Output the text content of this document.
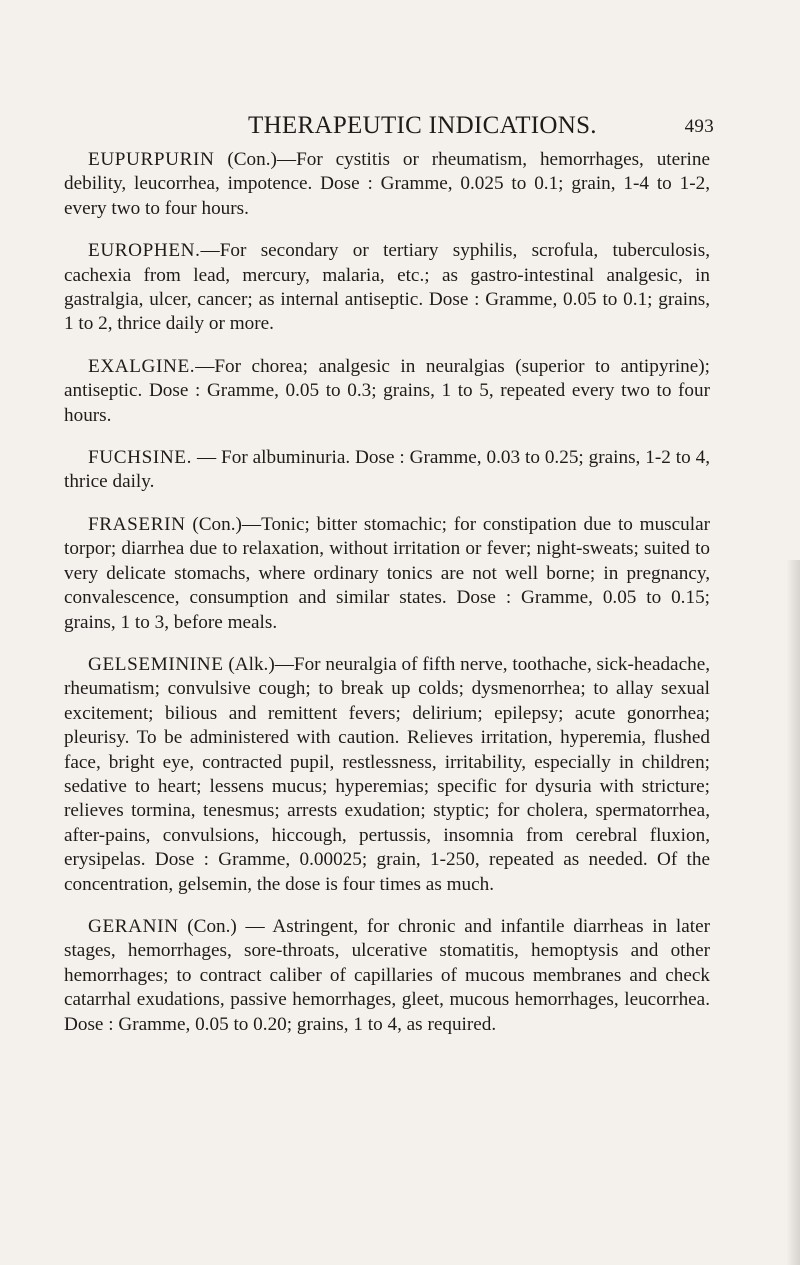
THERAPEUTIC INDICATIONS.	493

EUPURPURIN (Con.)—For cystitis or rheumatism, hemorrhages, uterine debility, leucorrhea, impotence. Dose : Gramme, 0.025 to 0.1; grain, 1-4 to 1-2, every two to four hours.

EUROPHEN.—For secondary or tertiary syphilis, scrofula, tuberculosis, cachexia from lead, mercury, malaria, etc.; as gastro-intestinal analgesic, in gastralgia, ulcer, cancer; as internal antiseptic. Dose : Gramme, 0.05 to 0.1; grains, 1 to 2, thrice daily or more.

EXALGINE.—For chorea; analgesic in neuralgias (superior to antipyrine); antiseptic. Dose : Gramme, 0.05 to 0.3; grains, 1 to 5, repeated every two to four hours.

FUCHSINE. — For albuminuria. Dose : Gramme, 0.03 to 0.25; grains, 1-2 to 4, thrice daily.

FRASERIN (Con.)—Tonic; bitter stomachic; for constipation due to muscular torpor; diarrhea due to relaxation, without irritation or fever; night-sweats; suited to very delicate stomachs, where ordinary tonics are not well borne; in pregnancy, convalescence, consumption and similar states. Dose : Gramme, 0.05 to 0.15; grains, 1 to 3, before meals.

GELSEMININE (Alk.)—For neuralgia of fifth nerve, toothache, sick-headache, rheumatism; convulsive cough; to break up colds; dysmenorrhea; to allay sexual excitement; bilious and remittent fevers; delirium; epilepsy; acute gonorrhea; pleurisy. To be administered with caution. Relieves irritation, hyperemia, flushed face, bright eye, contracted pupil, restlessness, irritability, especially in children; sedative to heart; lessens mucus; hyperemias; specific for dysuria with stricture; relieves tormina, tenesmus; arrests exudation; styptic; for cholera, spermatorrhea, after-pains, convulsions, hiccough, pertussis, insomnia from cerebral fluxion, erysipelas. Dose : Gramme, 0.00025; grain, 1-250, repeated as needed. Of the concentration, gelsemin, the dose is four times as much.

GERANIN (Con.) — Astringent, for chronic and infantile diarrheas in later stages, hemorrhages, sore-throats, ulcerative stomatitis, hemoptysis and other hemorrhages; to contract caliber of capillaries of mucous membranes and check catarrhal exudations, passive hemorrhages, gleet, mucous hemorrhages, leucorrhea. Dose : Gramme, 0.05 to 0.20; grains, 1 to 4, as required.
